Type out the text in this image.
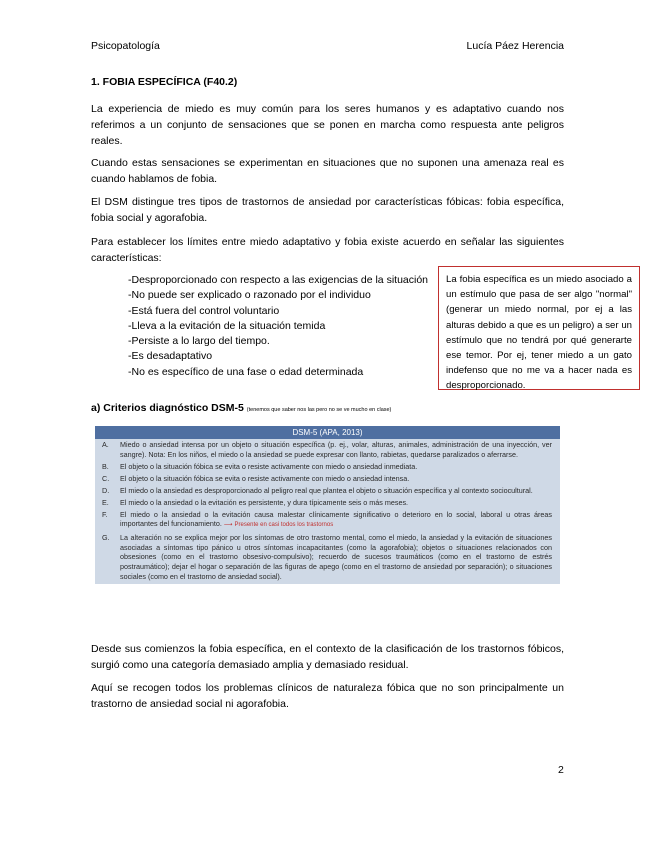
Psicopatología	Lucía Páez Herencia
1. FOBIA ESPECÍFICA (F40.2)

La experiencia de miedo es muy común para los seres humanos y es adaptativo cuando nos referimos a un conjunto de sensaciones que se ponen en marcha como respuesta ante peligros reales.

Cuando estas sensaciones se experimentan en situaciones que no suponen una amenaza real es cuando hablamos de fobia.

El DSM distingue tres tipos de trastornos de ansiedad por características fóbicas: fobia específica, fobia social y agorafobia.

Para establecer los límites entre miedo adaptativo y fobia existe acuerdo en señalar las siguientes características:

-Desproporcionado con respecto a las exigencias de la situación
-No puede ser explicado o razonado por el individuo
-Está fuera del control voluntario
-Lleva a la evitación de la situación temida
-Persiste a lo largo del tiempo.
-Es desadaptativo
-No es específico de una fase o edad determinada
La fobia específica es un miedo asociado a un estímulo que pasa de ser algo "normal" (generar un miedo normal, por ej a las alturas debido a que es un peligro) a ser un estímulo que no tendrá por qué generarte ese temor. Por ej, tener miedo a un gato indefenso que no me va a hacer nada es desproporcionado.
a) Criterios diagnóstico DSM-5 (tenemos que saber nos las pero no se ve mucho en clase)
DSM-5 (APA, 2013)
A.	Miedo o ansiedad intensa por un objeto o situación específica (p. ej., volar, alturas, animales, administración de una inyección, ver sangre). Nota: En los niños, el miedo o la ansiedad se puede expresar con llanto, rabietas, quedarse paralizados o aferrarse.
B.	El objeto o la situación fóbica se evita o resiste activamente con miedo o ansiedad inmediata.
C.	El objeto o la situación fóbica se evita o resiste activamente con miedo o ansiedad intensa.
D.	El miedo o la ansiedad es desproporcionado al peligro real que plantea el objeto o situación específica y al contexto sociocultural.
E.	El miedo o la ansiedad o la evitación es persistente, y dura típicamente seis o más meses.
F.	El miedo o la ansiedad o la evitación causa malestar clínicamente significativo o deterioro en lo social, laboral u otras áreas importantes del funcionamiento. ⟶ Presente en casi todos los trastornos
G.	La alteración no se explica mejor por los síntomas de otro trastorno mental, como el miedo, la ansiedad y la evitación de situaciones asociadas a síntomas tipo pánico u otros síntomas incapacitantes (como la agorafobia); objetos o situaciones relacionados con obsesiones (como en el trastorno obsesivo-compulsivo); recuerdo de sucesos traumáticos (como en el trastorno de estrés postraumático); dejar el hogar o separación de las figuras de apego (como en el trastorno de ansiedad por separación); o situaciones sociales (como en el trastorno de ansiedad social).

Desde sus comienzos la fobia específica, en el contexto de la clasificación de los trastornos fóbicos, surgió como una categoría demasiado amplia y demasiado residual.

Aquí se recogen todos los problemas clínicos de naturaleza fóbica que no son principalmente un trastorno de ansiedad social ni agorafobia.

2
